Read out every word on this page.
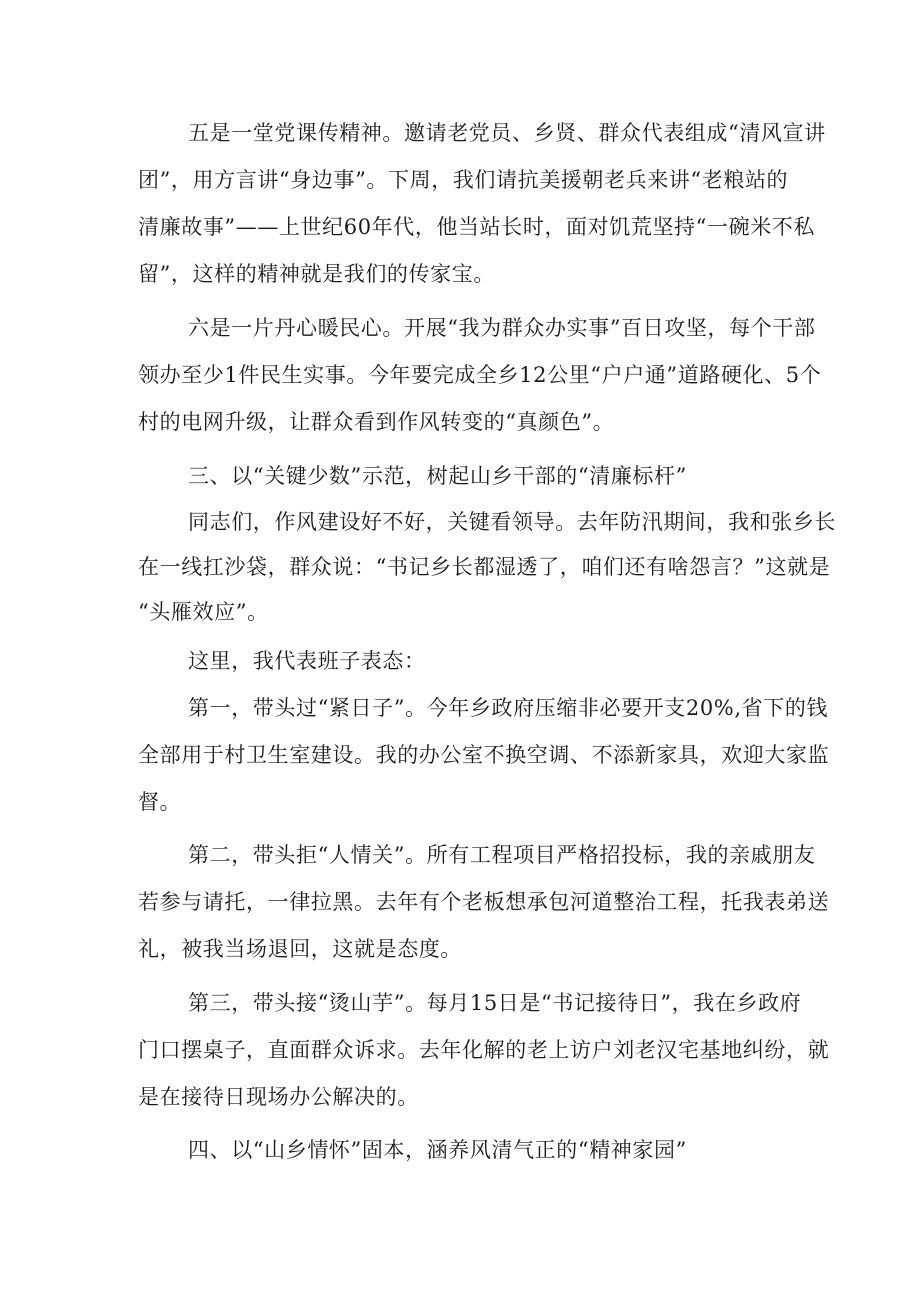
五是一堂党课传精神。邀请老党员、乡贤、群众代表组成“清风宣讲
团”，用方言讲“身边事”。下周，我们请抗美援朝老兵来讲“老粮站的
清廉故事”——上世纪60年代，他当站长时，面对饥荒坚持“一碗米不私
留”，这样的精神就是我们的传家宝。
六是一片丹心暖民心。开展“我为群众办实事”百日攻坚，每个干部
领办至少1件民生实事。今年要完成全乡12公里“户户通”道路硬化、5个
村的电网升级，让群众看到作风转变的“真颜色”。
三、以“关键少数”示范，树起山乡干部的“清廉标杆”
同志们，作风建设好不好，关键看领导。去年防汛期间，我和张乡长
在一线扛沙袋，群众说：“书记乡长都湿透了，咱们还有啥怨言？”这就是
“头雁效应”。
这里，我代表班子表态：
第一，带头过“紧日子”。今年乡政府压缩非必要开支20%,省下的钱
全部用于村卫生室建设。我的办公室不换空调、不添新家具，欢迎大家监
督。
第二，带头拒“人情关”。所有工程项目严格招投标，我的亲戚朋友
若参与请托，一律拉黑。去年有个老板想承包河道整治工程，托我表弟送
礼，被我当场退回，这就是态度。
第三，带头接“烫山芋”。每月15日是“书记接待日”，我在乡政府
门口摆桌子，直面群众诉求。去年化解的老上访户刘老汉宅基地纠纷，就
是在接待日现场办公解决的。
四、以“山乡情怀”固本，涵养风清气正的“精神家园”
